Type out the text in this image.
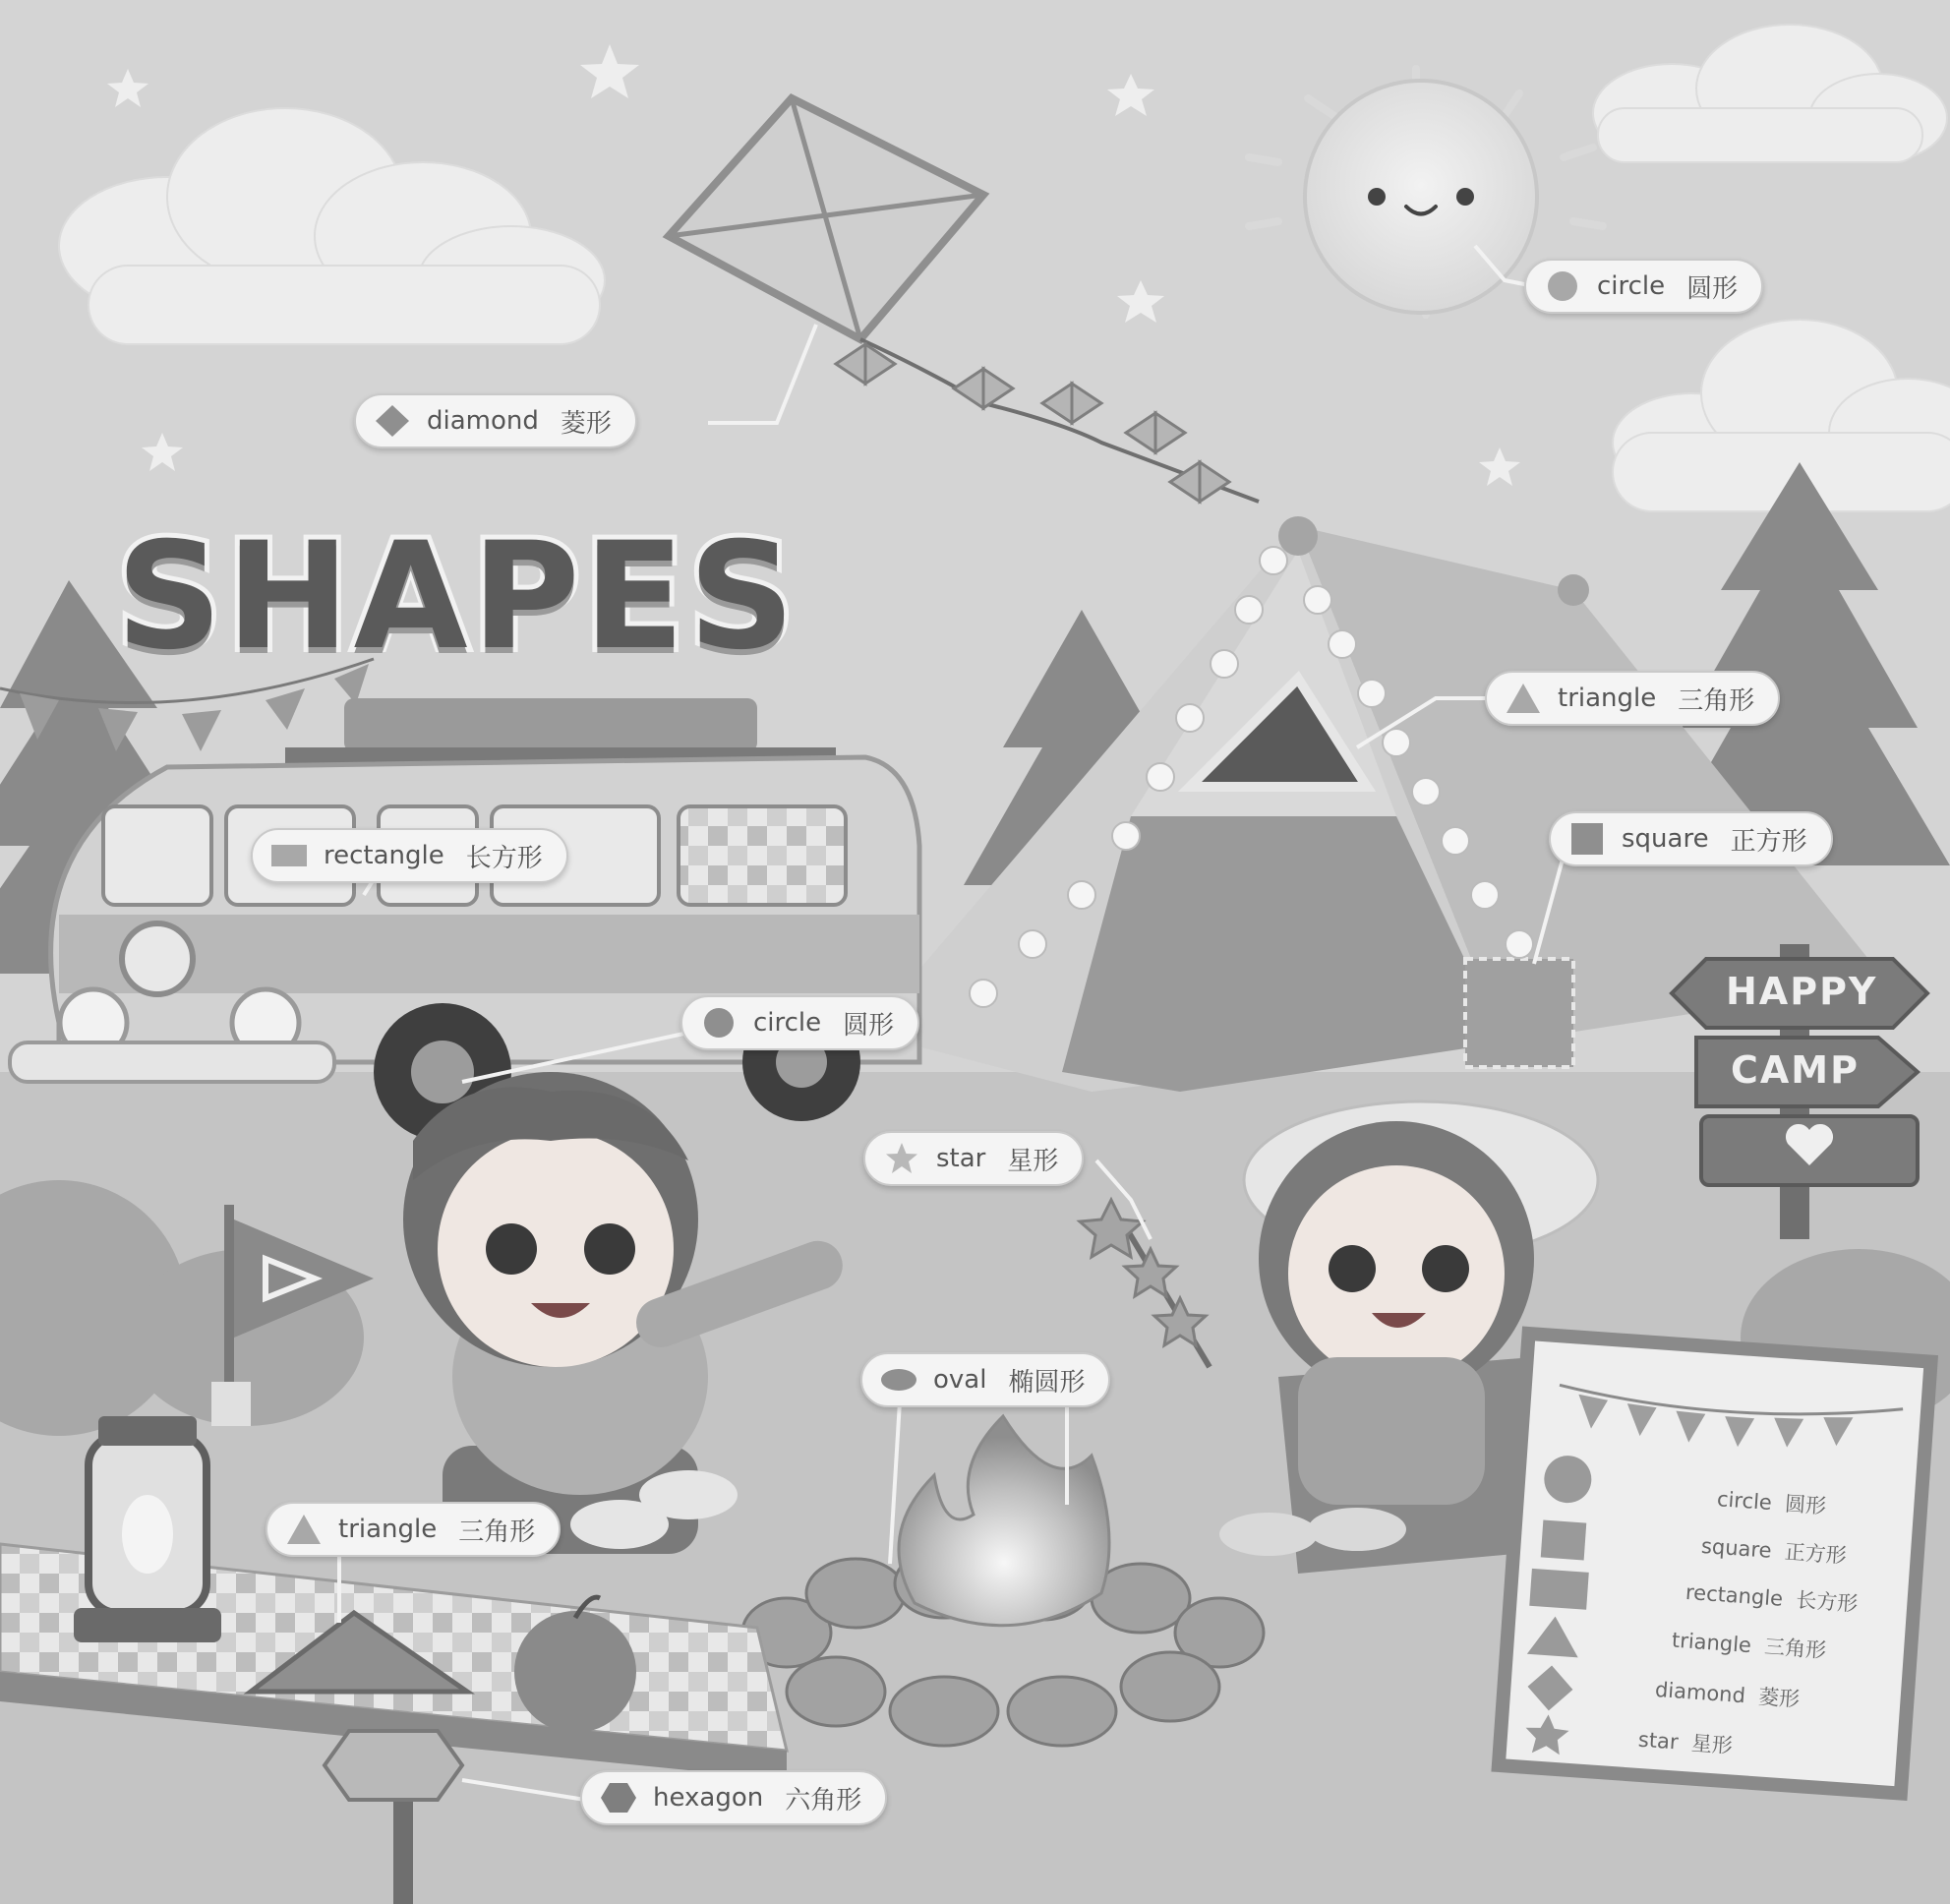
SHAPES
HAPPY
CAMP
circle 圆形
diamond 菱形
triangle 三角形
rectangle 长方形
square 正方形
circle 圆形
star 星形
oval 椭圆形
triangle 三角形
hexagon 六角形
circle 圆形
square 正方形
rectangle 长方形
triangle 三角形
diamond 菱形
star 星形
